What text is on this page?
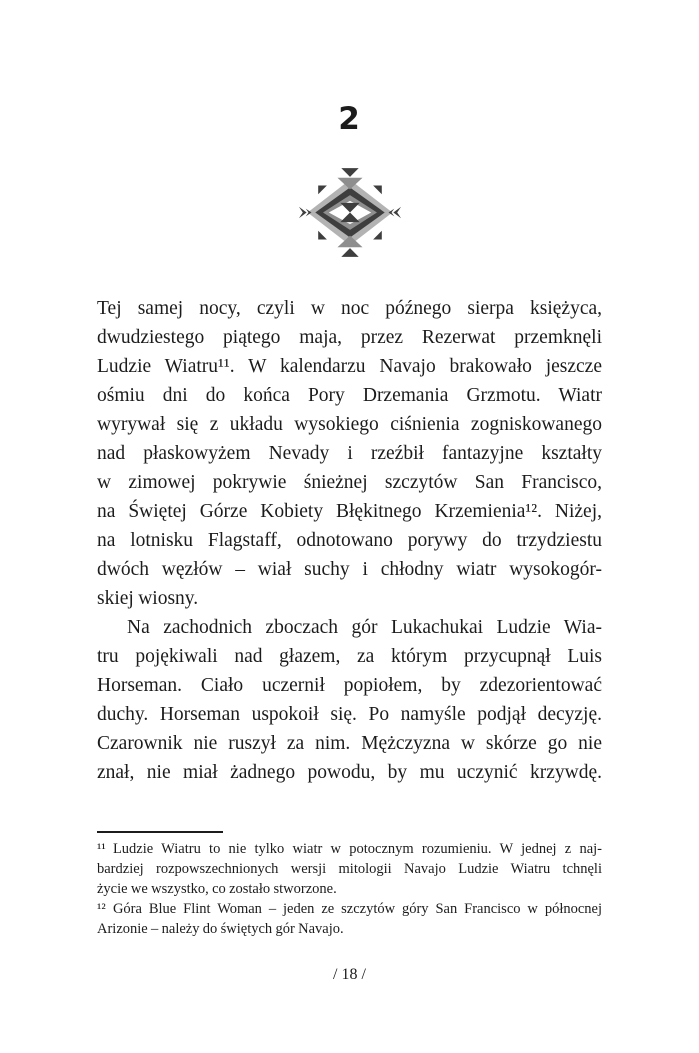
2
Tej samej nocy, czyli w noc późnego sierpa księżyca,
dwudziestego piątego maja, przez Rezerwat przemknęli
Ludzie Wiatru¹¹. W kalendarzu Navajo brakowało jeszcze
ośmiu dni do końca Pory Drzemania Grzmotu. Wiatr
wyrywał się z układu wysokiego ciśnienia zogniskowanego
nad płaskowyżem Nevady i rzeźbił fantazyjne kształty
w zimowej pokrywie śnieżnej szczytów San Francisco,
na Świętej Górze Kobiety Błękitnego Krzemienia¹². Niżej,
na lotnisku Flagstaff, odnotowano porywy do trzydziestu
dwóch węzłów – wiał suchy i chłodny wiatr wysokogór-
skiej wiosny.
Na zachodnich zboczach gór Lukachukai Ludzie Wia-
tru pojękiwali nad głazem, za którym przycupnął Luis
Horseman. Ciało uczernił popiołem, by zdezorientować
duchy. Horseman uspokoił się. Po namyśle podjął decyzję.
Czarownik nie ruszył za nim. Mężczyzna w skórze go nie
znał, nie miał żadnego powodu, by mu uczynić krzywdę.
¹¹ Ludzie Wiatru to nie tylko wiatr w potocznym rozumieniu. W jednej z naj-
bardziej rozpowszechnionych wersji mitologii Navajo Ludzie Wiatru tchnęli
życie we wszystko, co zostało stworzone.
¹² Góra Blue Flint Woman – jeden ze szczytów góry San Francisco w północnej
Arizonie – należy do świętych gór Navajo.
/ 18 /
